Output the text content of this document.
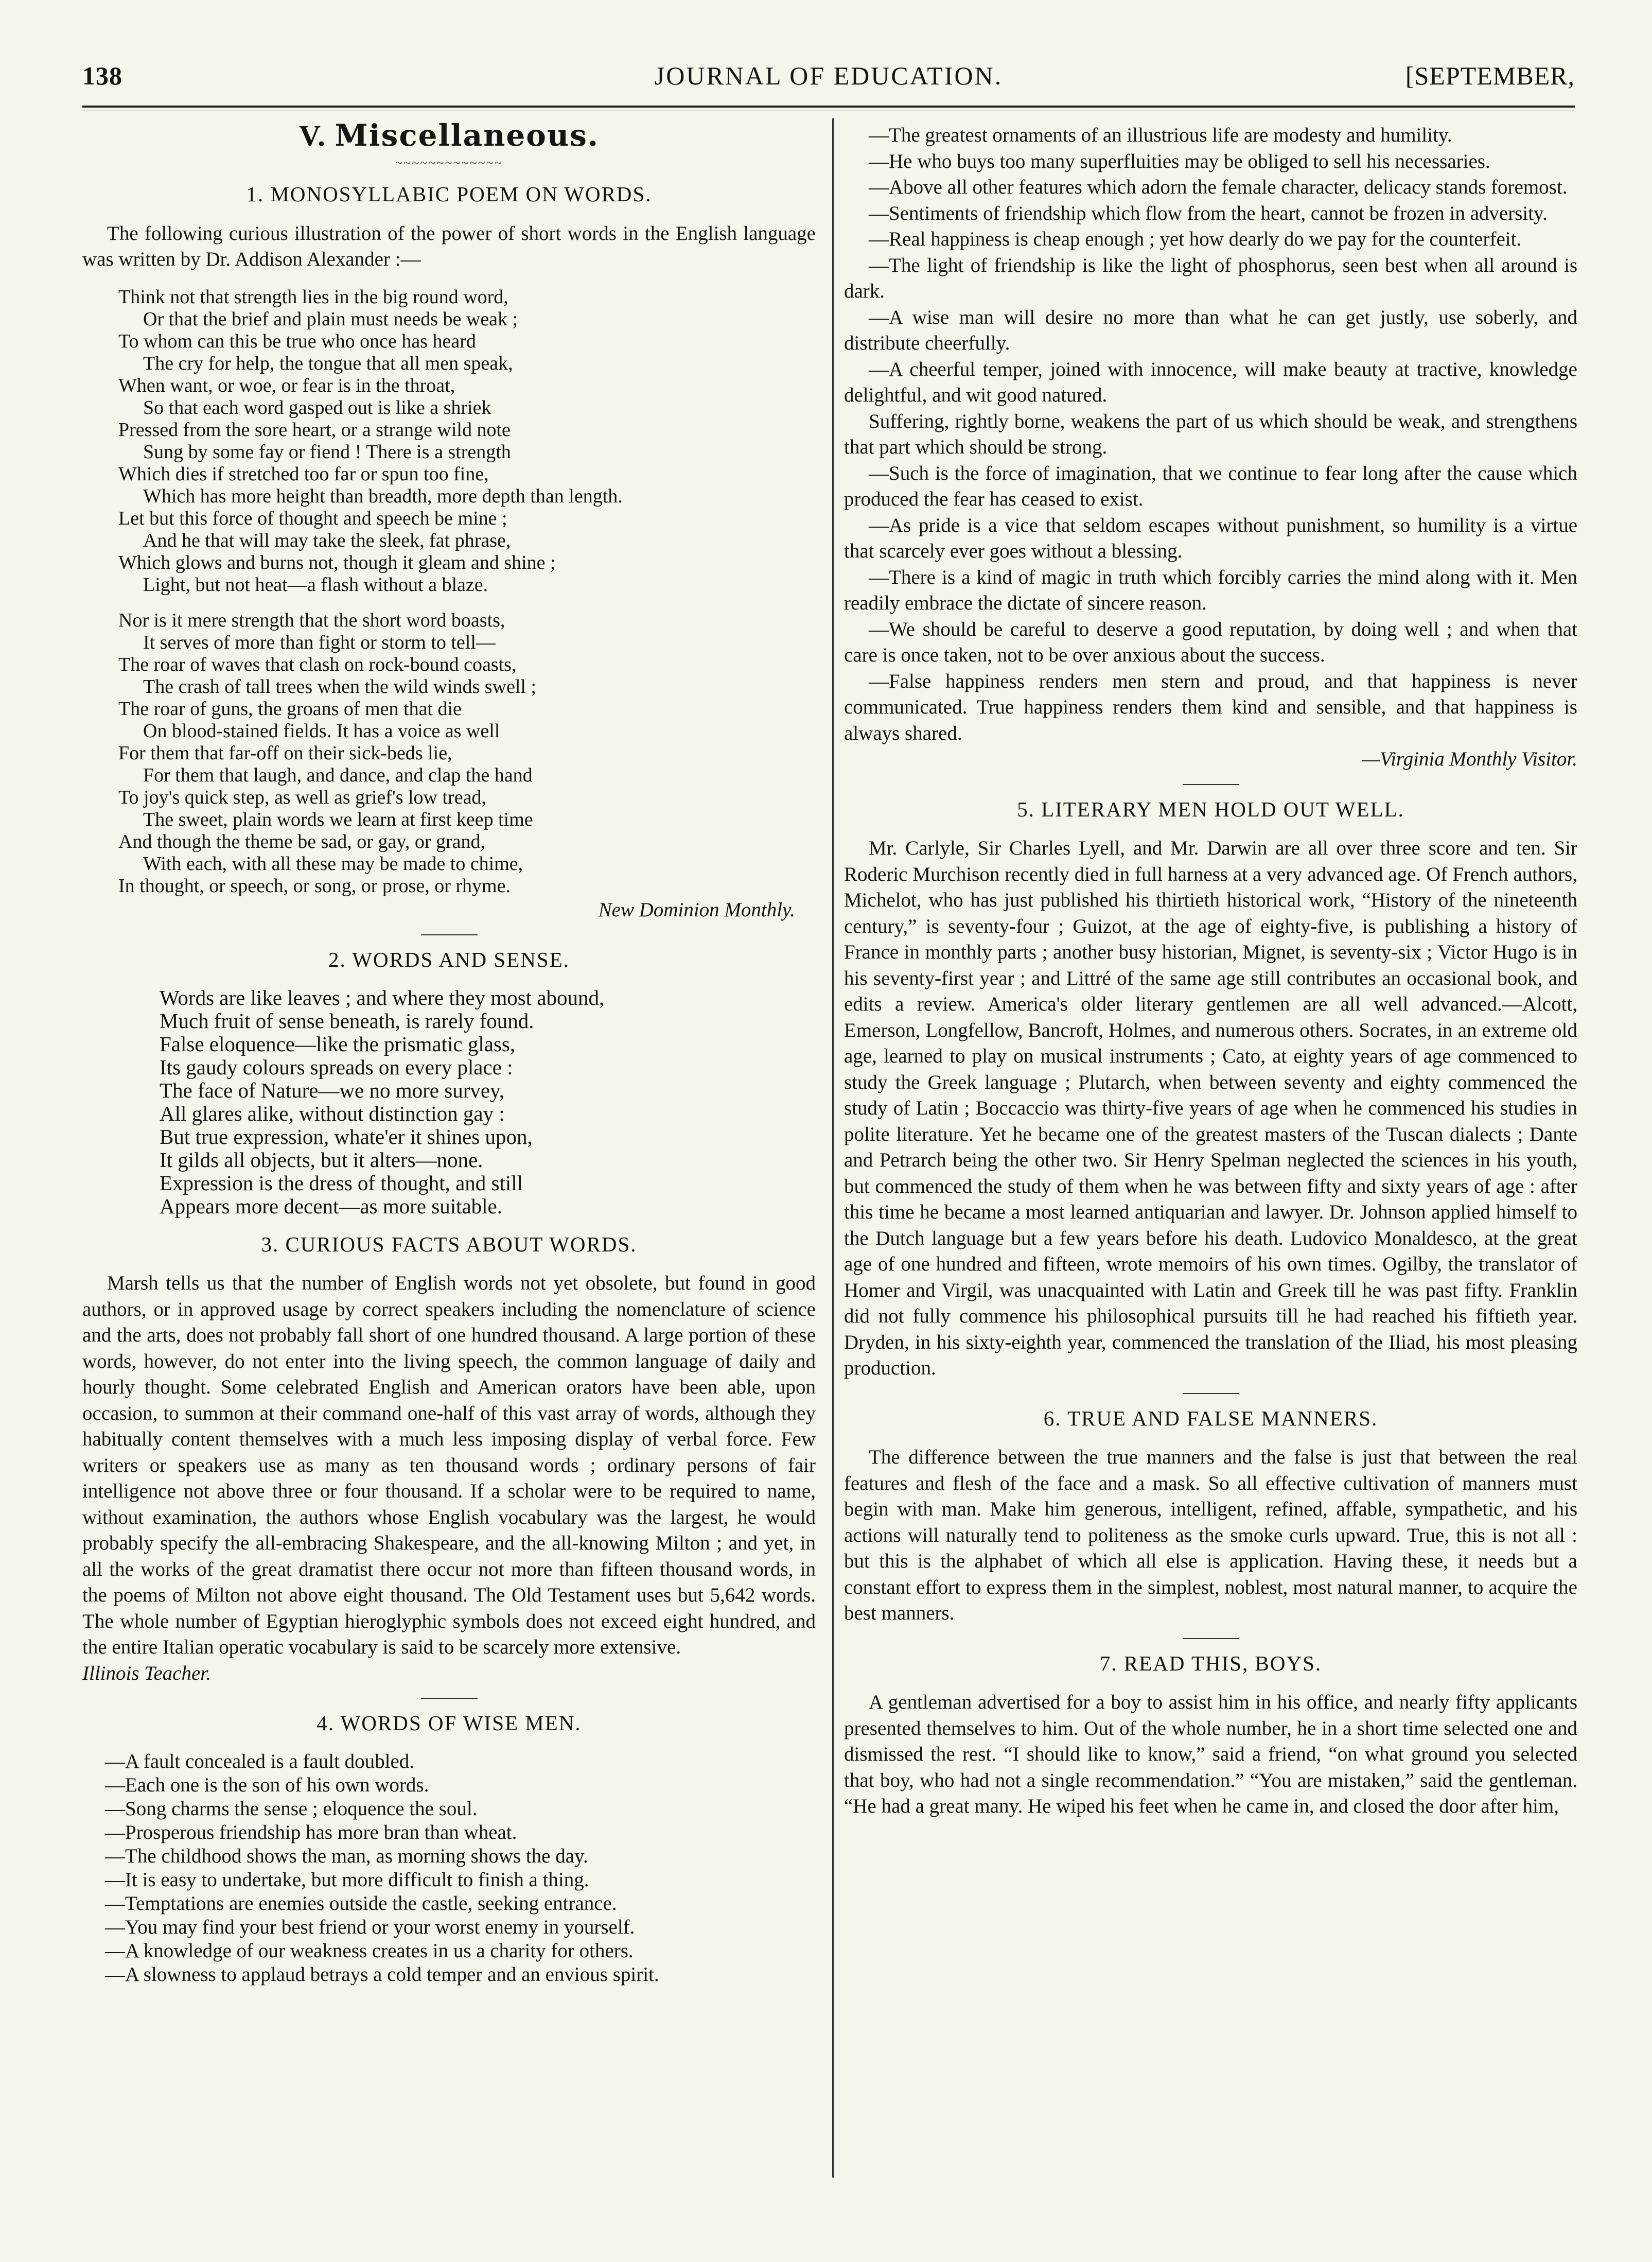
138	JOURNAL OF EDUCATION.	[SEPTEMBER,
V. Miscellaneous.
~~~~~~~~~~~~~
1. MONOSYLLABIC POEM ON WORDS.

The following curious illustration of the power of short words in the English language was written by Dr. Addison Alexander :—

Think not that strength lies in the big round word,

Or that the brief and plain must needs be weak ;

To whom can this be true who once has heard

The cry for help, the tongue that all men speak,

When want, or woe, or fear is in the throat,

So that each word gasped out is like a shriek

Pressed from the sore heart, or a strange wild note

Sung by some fay or fiend ! There is a strength

Which dies if stretched too far or spun too fine,

Which has more height than breadth, more depth than length.

Let but this force of thought and speech be mine ;

And he that will may take the sleek, fat phrase,

Which glows and burns not, though it gleam and shine ;

Light, but not heat—a flash without a blaze.

Nor is it mere strength that the short word boasts,

It serves of more than fight or storm to tell—

The roar of waves that clash on rock-bound coasts,

The crash of tall trees when the wild winds swell ;

The roar of guns, the groans of men that die

On blood-stained fields. It has a voice as well

For them that far-off on their sick-beds lie,

For them that laugh, and dance, and clap the hand

To joy's quick step, as well as grief's low tread,

The sweet, plain words we learn at first keep time

And though the theme be sad, or gay, or grand,

With each, with all these may be made to chime,

In thought, or speech, or song, or prose, or rhyme.

New Dominion Monthly.

2. WORDS AND SENSE.

Words are like leaves ; and where they most abound,

Much fruit of sense beneath, is rarely found.

False eloquence—like the prismatic glass,

Its gaudy colours spreads on every place :

The face of Nature—we no more survey,

All glares alike, without distinction gay :

But true expression, whate'er it shines upon,

It gilds all objects, but it alters—none.

Expression is the dress of thought, and still

Appears more decent—as more suitable.

3. CURIOUS FACTS ABOUT WORDS.

Marsh tells us that the number of English words not yet obsolete, but found in good authors, or in approved usage by correct speakers including the nomenclature of science and the arts, does not probably fall short of one hundred thousand. A large portion of these words, however, do not enter into the living speech, the common language of daily and hourly thought. Some celebrated English and American orators have been able, upon occasion, to summon at their command one-half of this vast array of words, although they habitually content themselves with a much less imposing display of verbal force. Few writers or speakers use as many as ten thousand words ; ordinary persons of fair intelligence not above three or four thousand. If a scholar were to be required to name, without examination, the authors whose English vocabulary was the largest, he would probably specify the all-embracing Shakespeare, and the all-knowing Milton ; and yet, in all the works of the great dramatist there occur not more than fifteen thousand words, in the poems of Milton not above eight thousand. The Old Testament uses but 5,642 words. The whole number of Egyptian hieroglyphic symbols does not exceed eight hundred, and the entire Italian operatic vocabulary is said to be scarcely more extensive.

Illinois Teacher.

4. WORDS OF WISE MEN.

—A fault concealed is a fault doubled.

—Each one is the son of his own words.

—Song charms the sense ; eloquence the soul.

—Prosperous friendship has more bran than wheat.

—The childhood shows the man, as morning shows the day.

—It is easy to undertake, but more difficult to finish a thing.

—Temptations are enemies outside the castle, seeking entrance.

—You may find your best friend or your worst enemy in yourself.

—A knowledge of our weakness creates in us a charity for others.

—A slowness to applaud betrays a cold temper and an envious spirit.

—The greatest ornaments of an illustrious life are modesty and humility.

—He who buys too many superfluities may be obliged to sell his necessaries.

—Above all other features which adorn the female character, delicacy stands foremost.

—Sentiments of friendship which flow from the heart, cannot be frozen in adversity.

—Real happiness is cheap enough ; yet how dearly do we pay for the counterfeit.

—The light of friendship is like the light of phosphorus, seen best when all around is dark.

—A wise man will desire no more than what he can get justly, use soberly, and distribute cheerfully.

—A cheerful temper, joined with innocence, will make beauty at tractive, knowledge delightful, and wit good natured.

Suffering, rightly borne, weakens the part of us which should be weak, and strengthens that part which should be strong.

—Such is the force of imagination, that we continue to fear long after the cause which produced the fear has ceased to exist.

—As pride is a vice that seldom escapes without punishment, so humility is a virtue that scarcely ever goes without a blessing.

—There is a kind of magic in truth which forcibly carries the mind along with it. Men readily embrace the dictate of sincere reason.

—We should be careful to deserve a good reputation, by doing well ; and when that care is once taken, not to be over anxious about the success.

—False happiness renders men stern and proud, and that happiness is never communicated. True happiness renders them kind and sensible, and that happiness is always shared.

—Virginia Monthly Visitor.

5. LITERARY MEN HOLD OUT WELL.

Mr. Carlyle, Sir Charles Lyell, and Mr. Darwin are all over three score and ten. Sir Roderic Murchison recently died in full harness at a very advanced age. Of French authors, Michelot, who has just published his thirtieth historical work, “History of the nineteenth century,” is seventy-four ; Guizot, at the age of eighty-five, is publishing a history of France in monthly parts ; another busy historian, Mignet, is seventy-six ; Victor Hugo is in his seventy-first year ; and Littré of the same age still contributes an occasional book, and edits a review. America's older literary gentlemen are all well advanced.—Alcott, Emerson, Longfellow, Bancroft, Holmes, and numerous others. Socrates, in an extreme old age, learned to play on musical instruments ; Cato, at eighty years of age commenced to study the Greek language ; Plutarch, when between seventy and eighty commenced the study of Latin ; Boccaccio was thirty-five years of age when he commenced his studies in polite literature. Yet he became one of the greatest masters of the Tuscan dialects ; Dante and Petrarch being the other two. Sir Henry Spelman neglected the sciences in his youth, but commenced the study of them when he was between fifty and sixty years of age : after this time he became a most learned antiquarian and lawyer. Dr. Johnson applied himself to the Dutch language but a few years before his death. Ludovico Monaldesco, at the great age of one hundred and fifteen, wrote memoirs of his own times. Ogilby, the translator of Homer and Virgil, was unacquainted with Latin and Greek till he was past fifty. Franklin did not fully commence his philosophical pursuits till he had reached his fiftieth year. Dryden, in his sixty-eighth year, commenced the translation of the Iliad, his most pleasing production.

6. TRUE AND FALSE MANNERS.

The difference between the true manners and the false is just that between the real features and flesh of the face and a mask. So all effective cultivation of manners must begin with man. Make him generous, intelligent, refined, affable, sympathetic, and his actions will naturally tend to politeness as the smoke curls upward. True, this is not all : but this is the alphabet of which all else is application. Having these, it needs but a constant effort to express them in the simplest, noblest, most natural manner, to acquire the best manners.

7. READ THIS, BOYS.

A gentleman advertised for a boy to assist him in his office, and nearly fifty applicants presented themselves to him. Out of the whole number, he in a short time selected one and dismissed the rest. “I should like to know,” said a friend, “on what ground you selected that boy, who had not a single recommendation.” “You are mistaken,” said the gentleman. “He had a great many. He wiped his feet when he came in, and closed the door after him,
